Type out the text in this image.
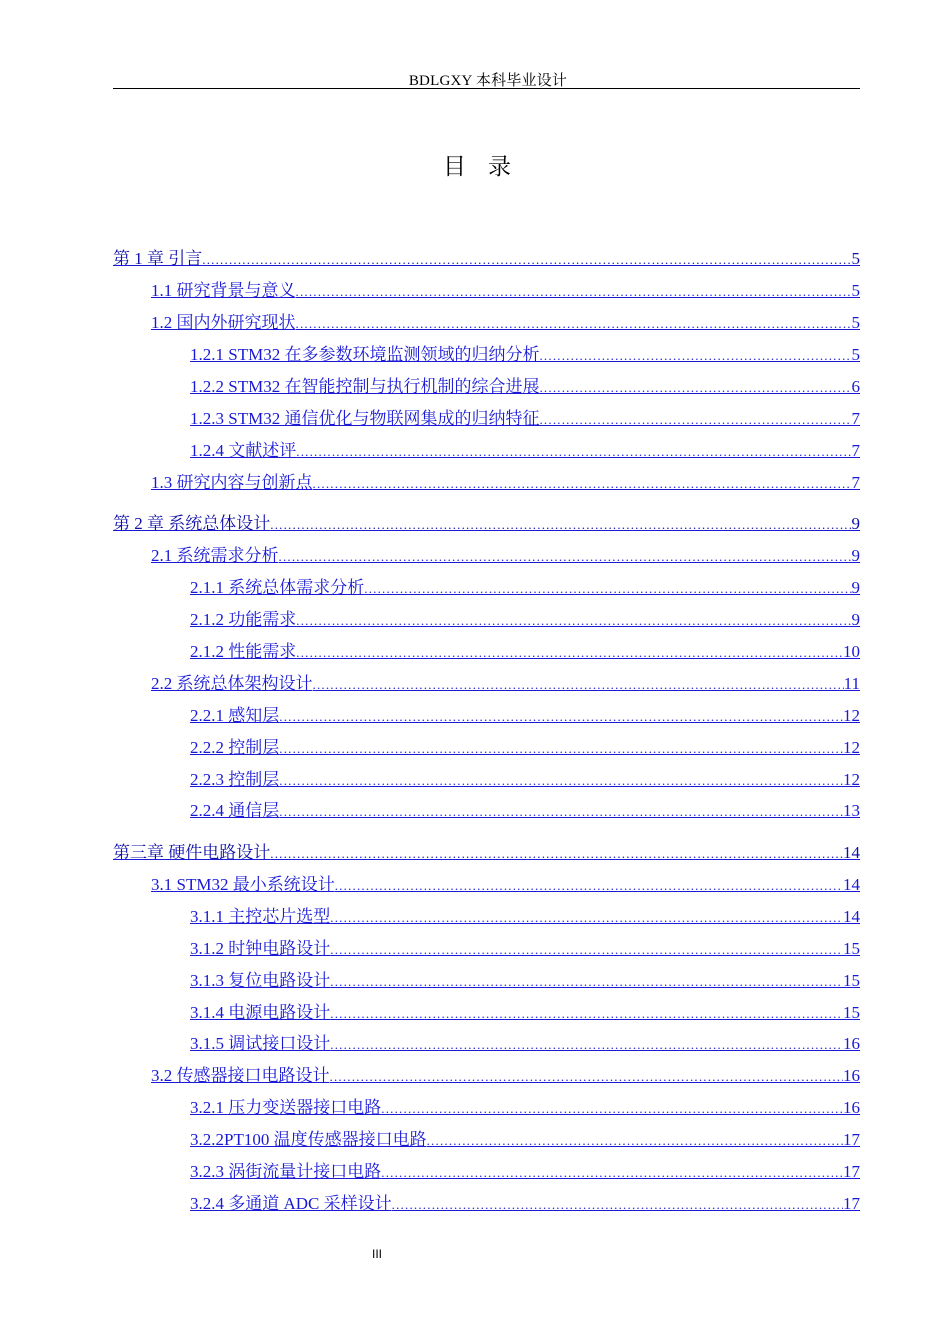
BDLGXY 本科毕业设计
目录
第 1 章 引言 .....	5
1.1 研究背景与意义 .....	5
1.2 国内外研究现状 .....	5
1.2.1 STM32 在多参数环境监测领域的归纳分析 .....	5
1.2.2 STM32 在智能控制与执行机制的综合进展 .....	6
1.2.3 STM32 通信优化与物联网集成的归纳特征 .....	7
1.2.4 文献述评 .....	7
1.3 研究内容与创新点 .....	7
第 2 章 系统总体设计 .....	9
2.1 系统需求分析 .....	9
2.1.1 系统总体需求分析 .....	9
2.1.2 功能需求 .....	9
2.1.2 性能需求 .....	10
2.2 系统总体架构设计 .....	11
2.2.1 感知层 .....	12
2.2.2 控制层 .....	12
2.2.3 控制层 .....	12
2.2.4 通信层 .....	13
第三章 硬件电路设计 .....	14
3.1 STM32 最小系统设计 .....	14
3.1.1 主控芯片选型 .....	14
3.1.2 时钟电路设计 .....	15
3.1.3 复位电路设计 .....	15
3.1.4 电源电路设计 .....	15
3.1.5 调试接口设计 .....	16
3.2 传感器接口电路设计 .....	16
3.2.1 压力变送器接口电路 .....	16
3.2.2PT100 温度传感器接口电路 .....	17
3.2.3 涡街流量计接口电路 .....	17
3.2.4 多通道 ADC 采样设计 .....	17
III
